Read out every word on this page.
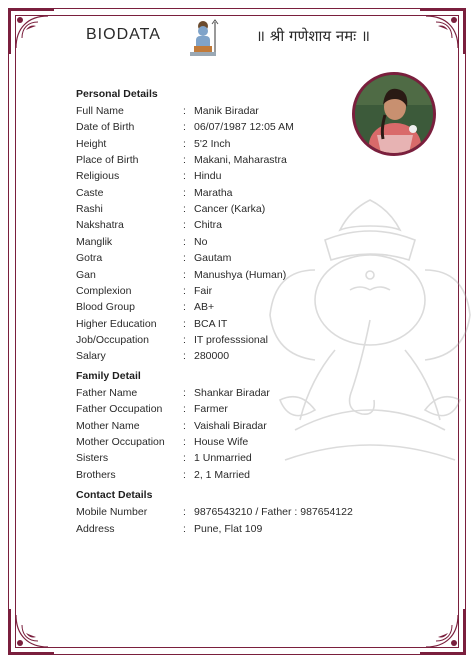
BIODATA	॥ श्री गणेशाय नमः ॥
Personal Details
Full Name	: Manik Biradar
Date of Birth	: 06/07/1987 12:05 AM
Height	: 5'2 Inch
Place of Birth	: Makani, Maharastra
Religious	: Hindu
Caste	: Maratha
Rashi	: Cancer (Karka)
Nakshatra	: Chitra
Manglik	: No
Gotra	: Gautam
Gan	: Manushya (Human)
Complexion	: Fair
Blood Group	: AB+
Higher Education	: BCA IT
Job/Occupation	: IT professsional
Salary	: 280000
Family Detail
Father Name	: Shankar Biradar
Father Occupation	: Farmer
Mother Name	: Vaishali Biradar
Mother Occupation	: House Wife
Sisters	: 1 Unmarried
Brothers	: 2, 1 Married
Contact Details
Mobile Number	: 9876543210 / Father : 987654122
Address	: Pune, Flat 109
